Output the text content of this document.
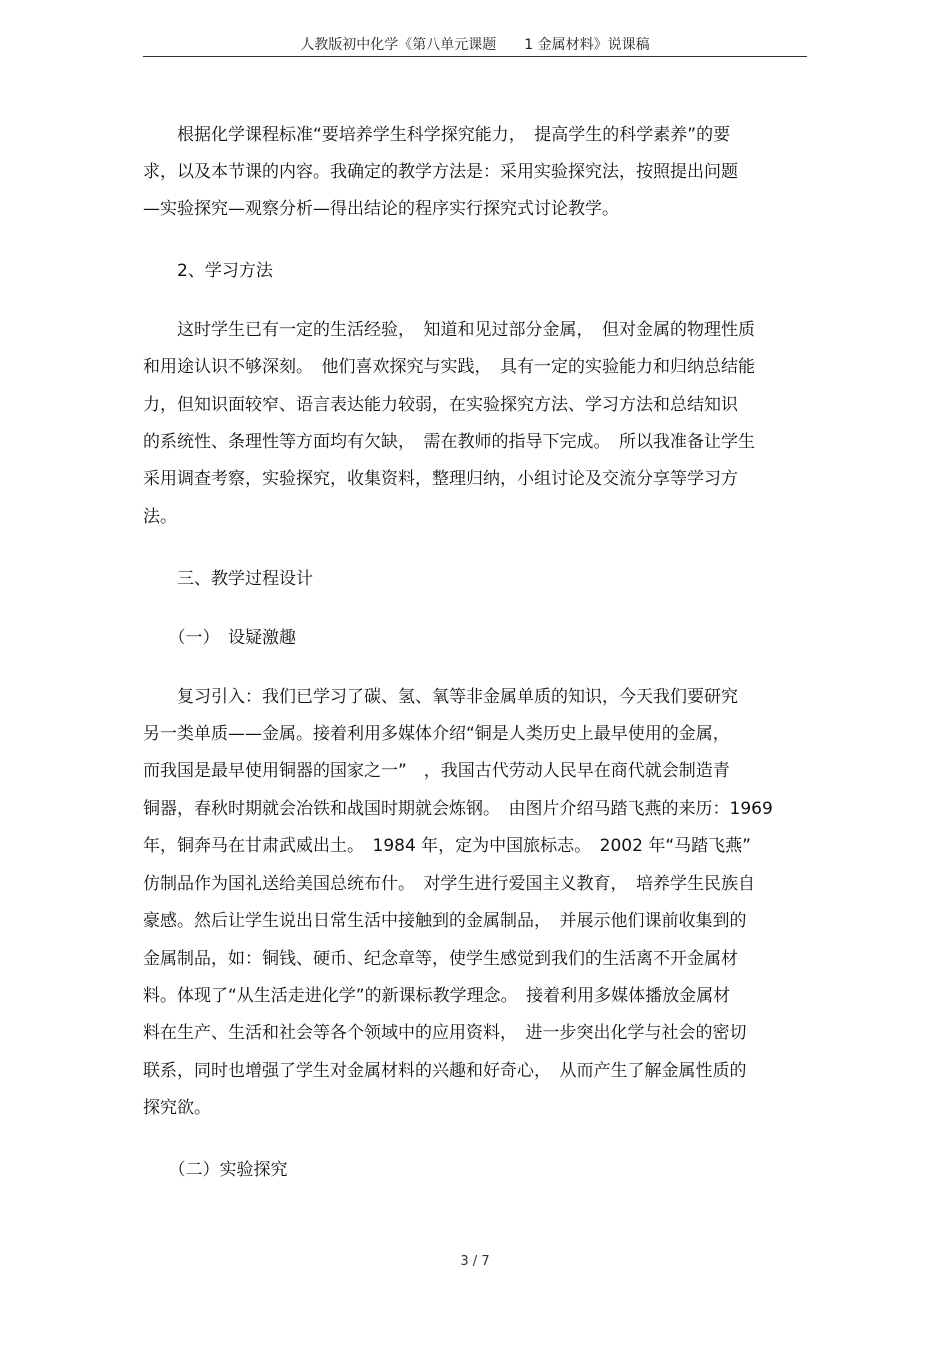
人教版初中化学《第八单元课题　　1 金属材料》说课稿
　　根据化学课程标准“要培养学生科学探究能力，　提高学生的科学素养”的要
求，以及本节课的内容。我确定的教学方法是：采用实验探究法，按照提出问题
—实验探究—观察分析—得出结论的程序实行探究式讨论教学。
　　2、学习方法
　　这时学生已有一定的生活经验，　知道和见过部分金属，　但对金属的物理性质
和用途认识不够深刻。　他们喜欢探究与实践，　具有一定的实验能力和归纳总结能
力，但知识面较窄、语言表达能力较弱，在实验探究方法、学习方法和总结知识
的系统性、条理性等方面均有欠缺，　需在教师的指导下完成。　所以我准备让学生
采用调查考察，实验探究，收集资料，整理归纳，小组讨论及交流分享等学习方
法。
　　三、教学过程设计
　　（一）　设疑激趣
　　复习引入：我们已学习了碳、氢、氧等非金属单质的知识，今天我们要研究
另一类单质——金属。接着利用多媒体介绍“铜是人类历史上最早使用的金属，
而我国是最早使用铜器的国家之一”　，我国古代劳动人民早在商代就会制造青
铜器，春秋时期就会冶铁和战国时期就会炼钢。　由图片介绍马踏飞燕的来历：1969
年，铜奔马在甘肃武威出土。　1984 年，定为中国旅标志。　2002 年“马踏飞燕”
仿制品作为国礼送给美国总统布什。　对学生进行爱国主义教育，　培养学生民族自
豪感。然后让学生说出日常生活中接触到的金属制品，　并展示他们课前收集到的
金属制品，如：铜钱、硬币、纪念章等，使学生感觉到我们的生活离不开金属材
料。体现了“从生活走进化学”的新课标教学理念。　接着利用多媒体播放金属材
料在生产、生活和社会等各个领域中的应用资料，　进一步突出化学与社会的密切
联系，同时也增强了学生对金属材料的兴趣和好奇心，　从而产生了解金属性质的
探究欲。
　　（二）实验探究
3 / 7
